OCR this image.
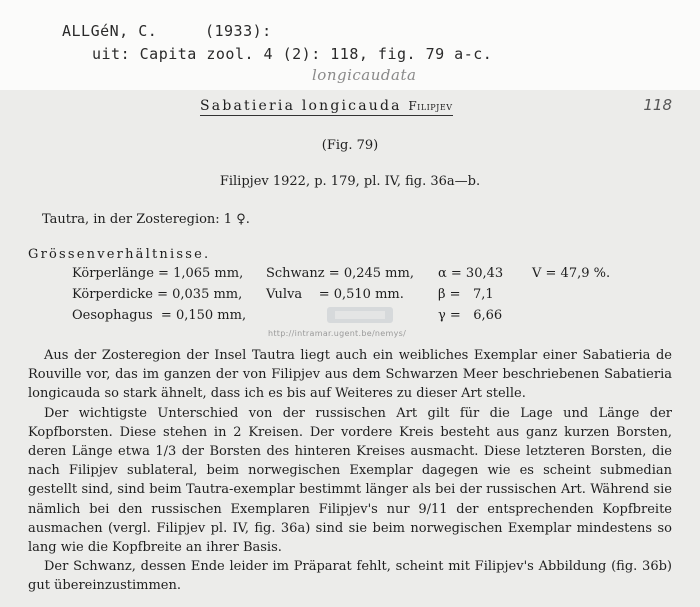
ALLGéN, C.     (1933):
uit: Capita zool. 4 (2): 118, fig. 79 a-c.
longicaudata
Sabatieria longicauda Filipjev	118
(Fig. 79)
Filipjev 1922, p. 179, pl. IV, fig. 36a—b.
Tautra, in der Zosteregion: 1 ♀.
Grössenverhältnisse.
Körperlänge = 1,065 mm, Schwanz = 0,245 mm, α = 30,43 V = 47,9 %.
Körperdicke = 0,035 mm, Vulva    = 0,510 mm.	β =   7,1
Oesophagus  = 0,150 mm,	γ =   6,66
http://intramar.ugent.be/nemys/

Aus der Zosteregion der Insel Tautra liegt auch ein weibliches Exemplar einer Sabatieria de Rouville vor, das im ganzen der von Filipjev aus dem Schwarzen Meer beschriebenen Sabatieria longicauda so stark ähnelt, dass ich es bis auf Weiteres zu dieser Art stelle.

Der wichtigste Unterschied von der russischen Art gilt für die Lage und Länge der Kopfborsten. Diese stehen in 2 Kreisen. Der vordere Kreis besteht aus ganz kurzen Borsten, deren Länge etwa 1/3 der Borsten des hinteren Kreises ausmacht. Diese letzteren Borsten, die nach Filipjev sublateral, beim norwegischen Exemplar dagegen wie es scheint submedian gestellt sind, sind beim Tautra-exemplar bestimmt länger als bei der russischen Art. Während sie nämlich bei den russischen Exemplaren Filipjev's nur 9/11 der entsprechenden Kopfbreite ausmachen (vergl. Filipjev pl. IV, fig. 36a) sind sie beim norwegischen Exemplar mindestens so lang wie die Kopfbreite an ihrer Basis.

Der Schwanz, dessen Ende leider im Präparat fehlt, scheint mit Filipjev's Abbildung (fig. 36b) gut übereinzustimmen.
